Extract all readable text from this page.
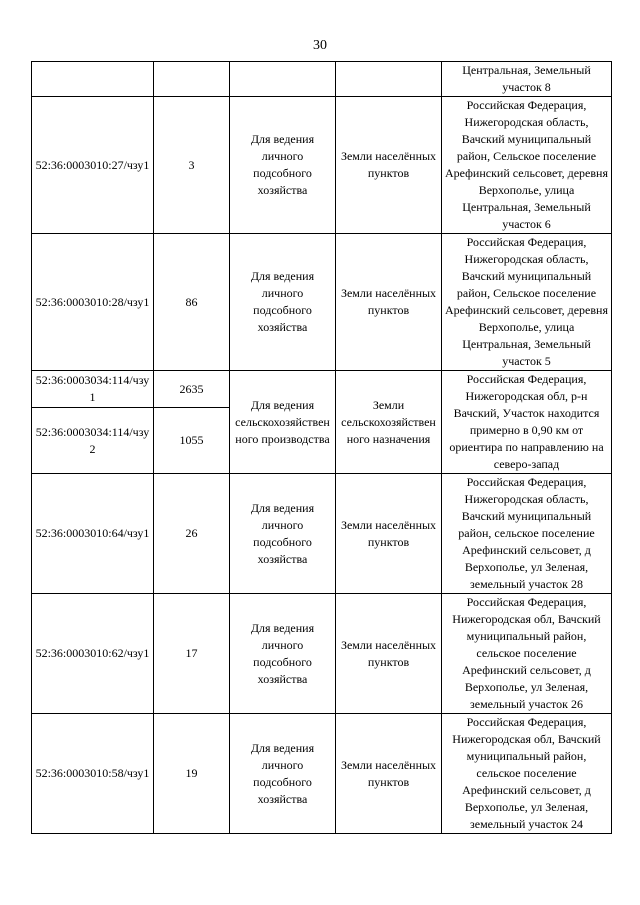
30
				Центральная, Земельный участок 8
52:36:0003010:27/чзу1	3	Для ведения личного подсобного хозяйства	Земли населённых пунктов	Российская Федерация, Нижегородская область, Вачский муниципальный район, Сельское поселение Арефинский сельсовет, деревня Верхополье, улица Центральная, Земельный участок 6
52:36:0003010:28/чзу1	86	Для ведения личного подсобного хозяйства	Земли населённых пунктов	Российская Федерация, Нижегородская область, Вачский муниципальный район, Сельское поселение Арефинский сельсовет, деревня Верхополье, улица Центральная, Земельный участок 5
52:36:0003034:114/чзу1	2635	Для ведения сельскохозяйственного производства	Земли сельскохозяйственного назначения	Российская Федерация, Нижегородская обл, р-н Вачский, Участок находится примерно в 0,90 км от ориентира по направлению на северо-запад
52:36:0003034:114/чзу2	1055			
52:36:0003010:64/чзу1	26	Для ведения личного подсобного хозяйства	Земли населённых пунктов	Российская Федерация, Нижегородская область, Вачский муниципальный район, сельское поселение Арефинский сельсовет, д Верхополье, ул Зеленая, земельный участок 28
52:36:0003010:62/чзу1	17	Для ведения личного подсобного хозяйства	Земли населённых пунктов	Российская Федерация, Нижегородская обл, Вачский муниципальный район, сельское поселение Арефинский сельсовет, д Верхополье, ул Зеленая, земельный участок 26
52:36:0003010:58/чзу1	19	Для ведения личного подсобного хозяйства	Земли населённых пунктов	Российская Федерация, Нижегородская обл, Вачский муниципальный район, сельское поселение Арефинский сельсовет, д Верхополье, ул Зеленая, земельный участок 24
